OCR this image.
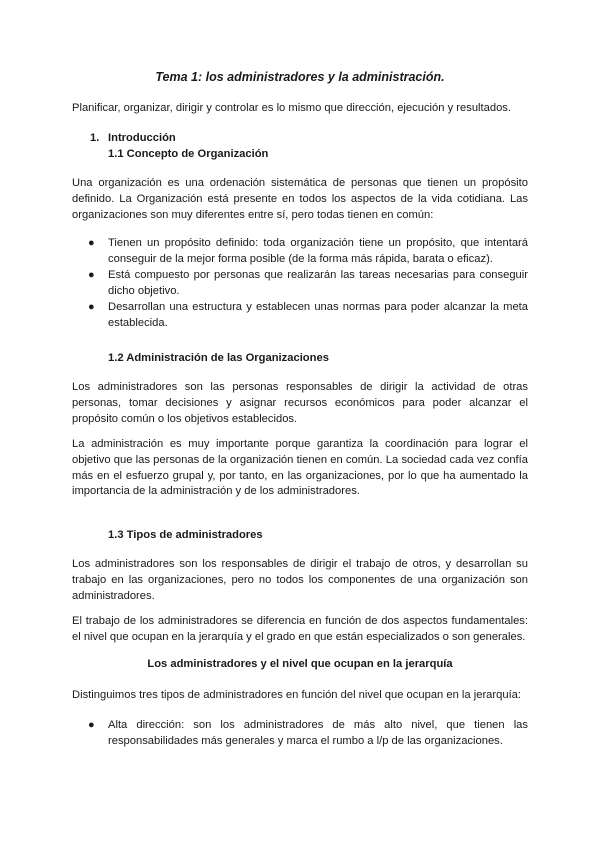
Tema 1: los administradores y la administración.

Planificar, organizar, dirigir y controlar es lo mismo que dirección, ejecución y resultados.

1. Introducción
1.1 Concepto de Organización

Una organización es una ordenación sistemática de personas que tienen un propósito definido. La Organización está presente en todos los aspectos de la vida cotidiana. Las organizaciones son muy diferentes entre sí, pero todas tienen en común:

● Tienen un propósito definido: toda organización tiene un propósito, que intentará conseguir de la mejor forma posible (de la forma más rápida, barata o eficaz).

● Está compuesto por personas que realizarán las tareas necesarias para conseguir dicho objetivo.

● Desarrollan una estructura y establecen unas normas para poder alcanzar la meta establecida.

1.2 Administración de las Organizaciones

Los administradores son las personas responsables de dirigir la actividad de otras personas, tomar decisiones y asignar recursos económicos para poder alcanzar el propósito común o los objetivos establecidos.

La administración es muy importante porque garantiza la coordinación para lograr el objetivo que las personas de la organización tienen en común. La sociedad cada vez confía más en el esfuerzo grupal y, por tanto, en las organizaciones, por lo que ha aumentado la importancia de la administración y de los administradores.

1.3 Tipos de administradores

Los administradores son los responsables de dirigir el trabajo de otros, y desarrollan su trabajo en las organizaciones, pero no todos los componentes de una organización son administradores.

El trabajo de los administradores se diferencia en función de dos aspectos fundamentales: el nivel que ocupan en la jerarquía y el grado en que están especializados o son generales.

Los administradores y el nivel que ocupan en la jerarquía

Distinguimos tres tipos de administradores en función del nivel que ocupan en la jerarquía:

● Alta dirección: son los administradores de más alto nivel, que tienen las responsabilidades más generales y marca el rumbo a l/p de las organizaciones.
